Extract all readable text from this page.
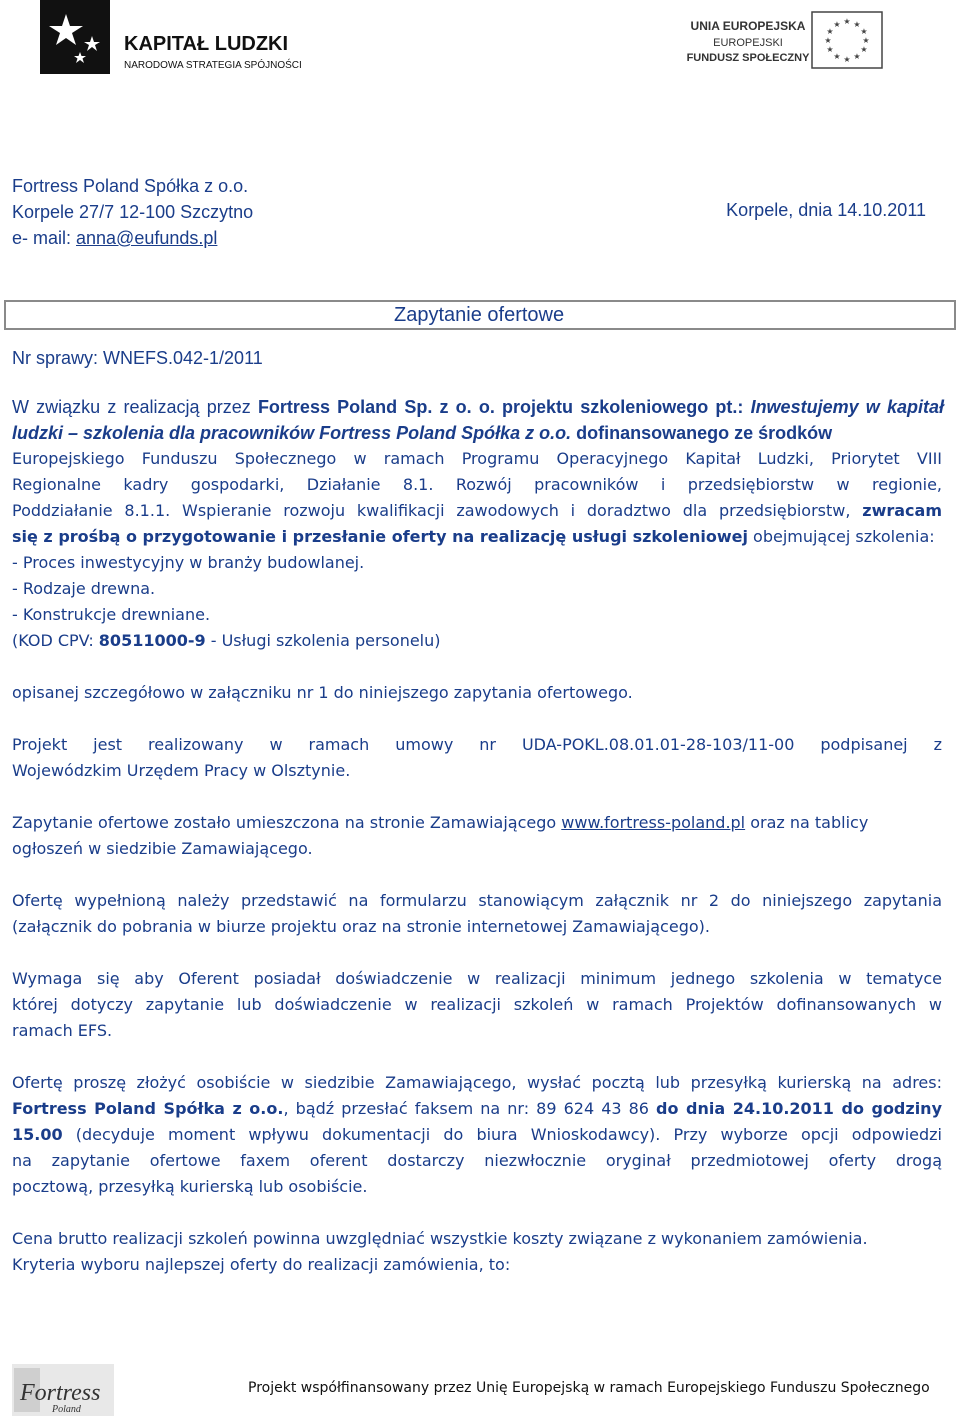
KAPITAŁ LUDZKI
NARODOWA STRATEGIA SPÓJNOŚCI
UNIA EUROPEJSKA
EUROPEJSKI
FUNDUSZ SPOŁECZNY
★ ★
★
★
★
★
★
★
★
★
★
★
Fortress Poland Spółka z o.o.
Korpele 27/7 12-100 Szczytno
e- mail: anna@eufunds.pl
Korpele, dnia 14.10.2011
Zapytanie ofertowe
Nr sprawy: WNEFS.042-1/2011
W związku z realizacją przez Fortress Poland Sp. z o. o. projektu szkoleniowego pt.: Inwestujemy w kapitał ludzki – szkolenia dla pracowników Fortress Poland Spółka z o.o. dofinansowanego ze środków
Europejskiego Funduszu Społecznego w ramach Programu Operacyjnego Kapitał Ludzki, Priorytet VIII
Regionalne kadry gospodarki, Działanie 8.1. Rozwój pracowników i przedsiębiorstw w regionie,
Poddziałanie 8.1.1. Wspieranie rozwoju kwalifikacji zawodowych i doradztwo dla przedsiębiorstw, zwracam
się z prośbą o przygotowanie i przesłanie oferty na realizację usługi szkoleniowej obejmującej szkolenia:
- Proces inwestycyjny w branży budowlanej.
- Rodzaje drewna.
- Konstrukcje drewniane.
(KOD CPV: 80511000-9 - Usługi szkolenia personelu)
opisanej szczegółowo w załączniku nr 1 do niniejszego zapytania ofertowego.
Projekt jest realizowany w ramach umowy nr UDA-POKL.08.01.01-28-103/11-00 podpisanej z
Wojewódzkim Urzędem Pracy w Olsztynie.
Zapytanie ofertowe zostało umieszczona na stronie Zamawiającego www.fortress-poland.pl oraz na tablicy
ogłoszeń w siedzibie Zamawiającego.
Ofertę wypełnioną należy przedstawić na formularzu stanowiącym załącznik nr 2 do niniejszego zapytania
(załącznik do pobrania w biurze projektu oraz na stronie internetowej Zamawiającego).
Wymaga się aby Oferent posiadał doświadczenie w realizacji minimum jednego szkolenia w tematyce
której dotyczy zapytanie lub doświadczenie w realizacji szkoleń w ramach Projektów dofinansowanych w
ramach EFS.
Ofertę proszę złożyć osobiście w siedzibie Zamawiającego, wysłać pocztą lub przesyłką kurierską na adres:
Fortress Poland Spółka z o.o., bądź przesłać faksem na nr: 89 624 43 86 do dnia 24.10.2011 do godziny
15.00 (decyduje moment wpływu dokumentacji do biura Wnioskodawcy). Przy wyborze opcji odpowiedzi
na zapytanie ofertowe faxem oferent dostarczy niezwłocznie oryginał przedmiotowej oferty drogą
pocztową, przesyłką kurierską lub osobiście.
Cena brutto realizacji szkoleń powinna uwzględniać wszystkie koszty związane z wykonaniem zamówienia.
Kryteria wyboru najlepszej oferty do realizacji zamówienia, to:
Fortress
Poland
Projekt współfinansowany przez Unię Europejską w ramach Europejskiego Funduszu Społecznego
